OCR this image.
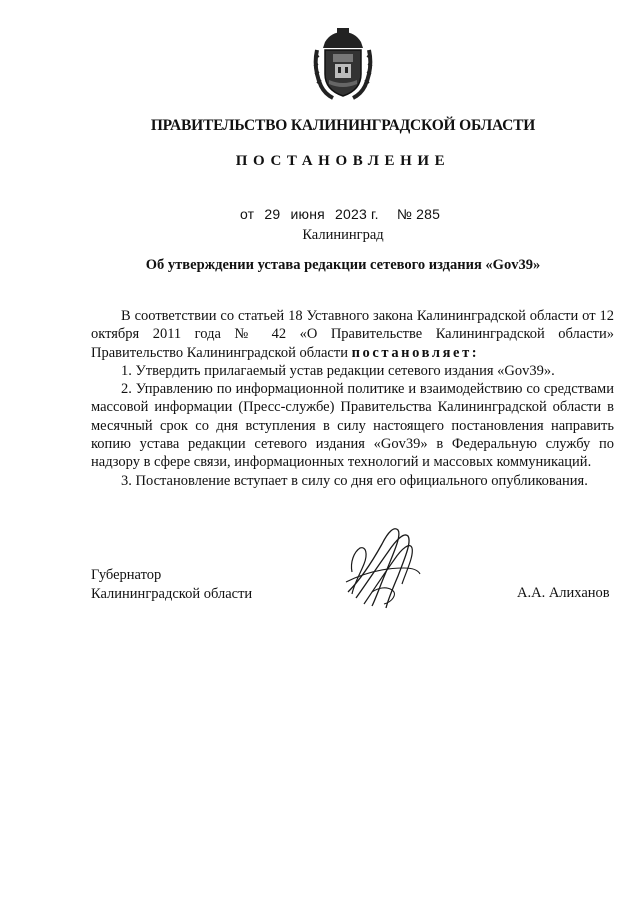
ПРАВИТЕЛЬСТВО КАЛИНИНГРАДСКОЙ ОБЛАСТИ
ПОСТАНОВЛЕНИЕ
от 29 июня 2023 г. № 285
Калининград
Об утверждении устава редакции сетевого издания «Gov39»

В соответствии со статьей 18 Уставного закона Калининградской области от 12 октября 2011 года № 42 «О Правительстве Калининградской области» Правительство Калининградской области постановляет:

1. Утвердить прилагаемый устав редакции сетевого издания «Gov39».

2. Управлению по информационной политике и взаимодействию со средствами массовой информации (Пресс-службе) Правительства Калининградской области в месячный срок со дня вступления в силу настоящего постановления направить копию устава редакции сетевого издания «Gov39» в Федеральную службу по надзору в сфере связи, информационных технологий и массовых коммуникаций.

3. Постановление вступает в силу со дня его официального опубликования.

Губернатор
Калининградской области	А.А. Алиханов
